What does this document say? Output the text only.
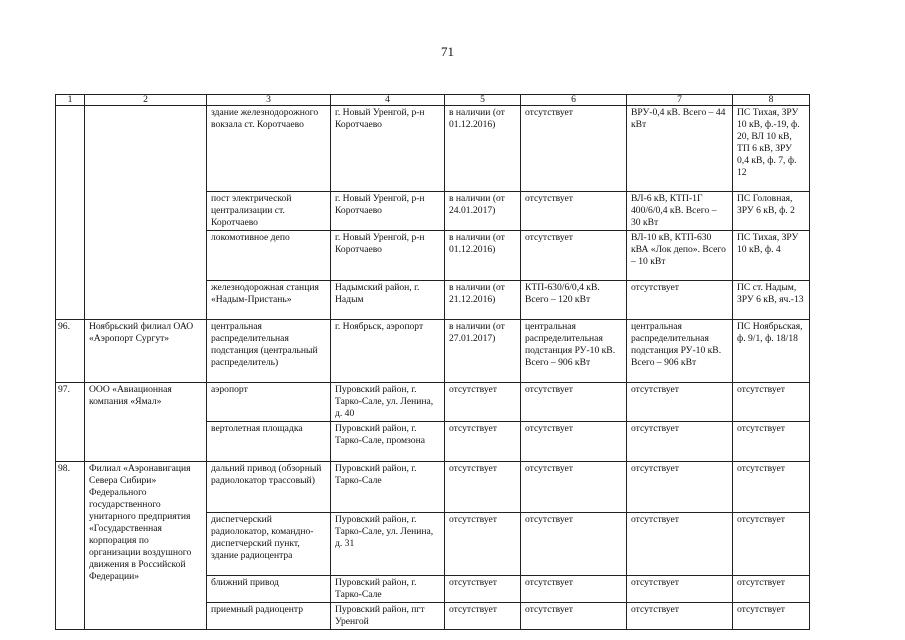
71
1	2	3	4	5	6	7	8
		здание железнодорожного вокзала ст. Коротчаево	г. Новый Уренгой, р-н Коротчаево	в наличии (от 01.12.2016)	отсутствует	ВРУ-0,4 кВ. Всего – 44 кВт	ПС Тихая, ЗРУ 10 кВ, ф.-19, ф. 20, ВЛ 10 кВ, ТП 6 кВ, ЗРУ 0,4 кВ, ф. 7, ф. 12
		пост электрической централизации ст. Коротчаево	г. Новый Уренгой, р-н Коротчаево	в наличии (от 24.01.2017)	отсутствует	ВЛ-6 кВ, КТП-1Г 400/6/0,4 кВ. Всего – 30 кВт	ПС Головная, ЗРУ 6 кВ, ф. 2
		локомотивное депо	г. Новый Уренгой, р-н Коротчаево	в наличии (от 01.12.2016)	отсутствует	ВЛ-10 кВ, КТП-630 кВА «Лок депо». Всего – 10 кВт	ПС Тихая, ЗРУ 10 кВ, ф. 4
		железнодорожная станция «Надым-Пристань»	Надымский район, г. Надым	в наличии (от 21.12.2016)	КТП-630/6/0,4 кВ. Всего – 120 кВт	отсутствует	ПС ст. Надым, ЗРУ 6 кВ, яч.-13
96.	Ноябрьский филиал ОАО «Аэропорт Сургут»	центральная распределительная подстанция (центральный распределитель)	г. Ноябрьск, аэропорт	в наличии (от 27.01.2017)	центральная распределительная подстанция РУ-10 кВ. Всего – 906 кВт	центральная распределительная подстанция РУ-10 кВ. Всего – 906 кВт	ПС Ноябрьская, ф. 9/1, ф. 18/18
97.	ООО «Авиационная компания «Ямал»	аэропорт	Пуровский район, г. Тарко-Сале, ул. Ленина, д. 40	отсутствует	отсутствует	отсутствует	отсутствует
		вертолетная площадка	Пуровский район, г. Тарко-Сале, промзона	отсутствует	отсутствует	отсутствует	отсутствует
98.	Филиал «Аэронавигация Севера Сибири» Федерального государственного унитарного предприятия «Государственная корпорация по организации воздушного движения в Российской Федерации»	дальний привод (обзорный радиолокатор трассовый)	Пуровский район, г. Тарко-Сале	отсутствует	отсутствует	отсутствует	отсутствует
		диспетчерский радиолокатор, командно-диспетчерский пункт, здание радиоцентра	Пуровский район, г. Тарко-Сале, ул. Ленина, д. 31	отсутствует	отсутствует	отсутствует	отсутствует
		ближний привод	Пуровский район, г. Тарко-Сале	отсутствует	отсутствует	отсутствует	отсутствует
		приемный радиоцентр	Пуровский район, пгт Уренгой	отсутствует	отсутствует	отсутствует	отсутствует
